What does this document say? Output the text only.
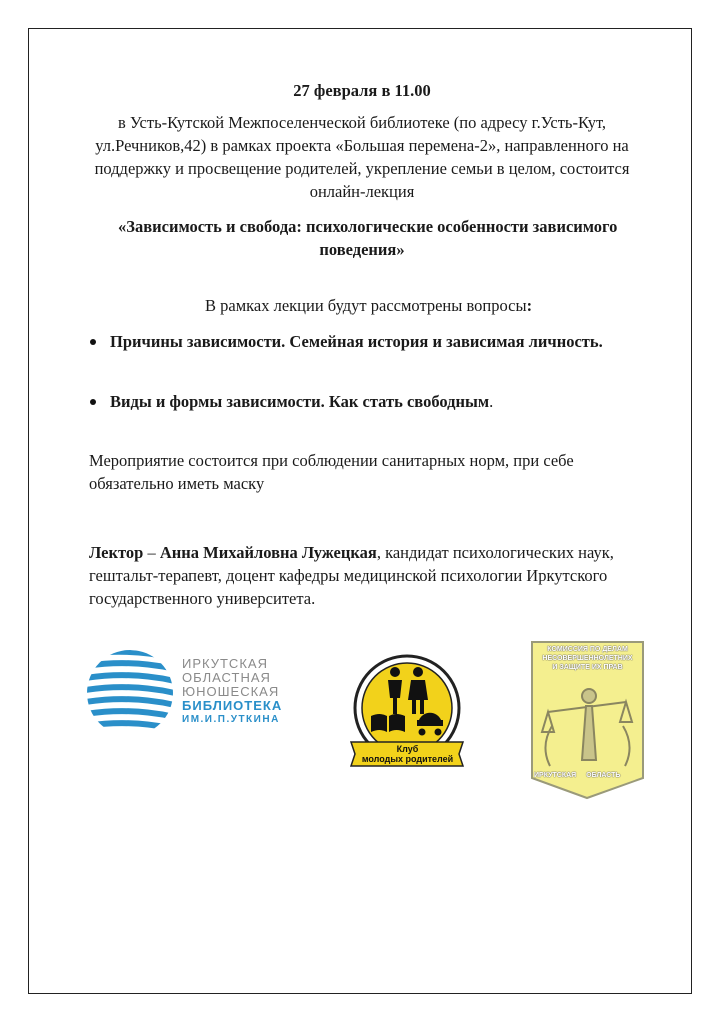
27 февраля в 11.00

в Усть-Кутской Межпоселенческой библиотеке (по адресу г.Усть-Кут,

ул.Речников,42) в рамках проекта «Большая перемена-2», направленного на

поддержку и просвещение родителей, укрепление семьи в целом, состоится

онлайн-лекция

«Зависимость и свобода: психологические особенности зависимого

поведения»

В рамках лекции будут рассмотрены вопросы:

Причины зависимости. Семейная история и зависимая личность.

Виды и формы зависимости. Как стать свободным.

Мероприятие состоится при соблюдении санитарных норм, при себе

обязательно иметь маску

Лектор – Анна Михайловна Лужецкая, кандидат психологических наук,

гештальт-терапевт, доцент кафедры медицинской психологии Иркутского

государственного университета.

ИРКУТСКАЯ
ОБЛАСТНАЯ
ЮНОШЕСКАЯ
БИБЛИОТЕКА
ИМ.И.П.УТКИНА
Клуб
молодых родителей
КОМИССИЯ ПО ДЕЛАМ
НЕСОВЕРШЕННОЛЕТНИХ
И ЗАЩИТЕ ИХ ПРАВ
ИРКУТСКАЯ ОБЛАСТЬ
